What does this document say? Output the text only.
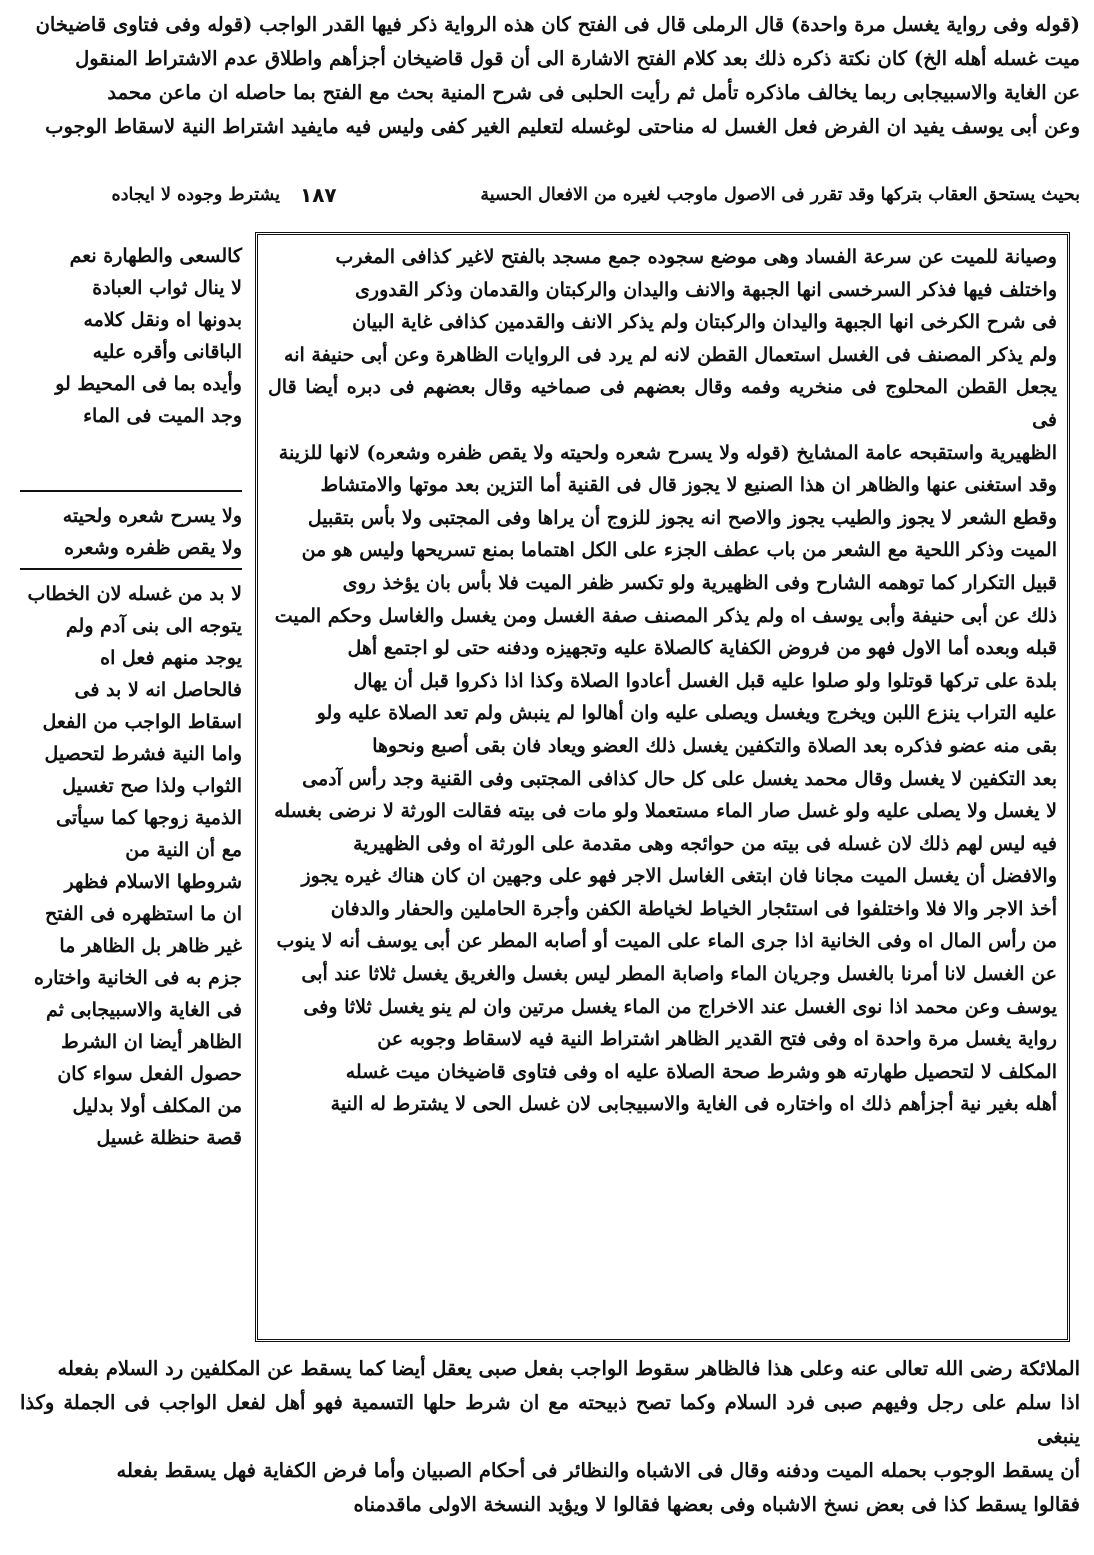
(قوله وفى رواية يغسل مرة واحدة) قال الرملى قال فى الفتح كان هذه الرواية ذكر فيها القدر الواجب (قوله وفى فتاوى قاضيخان

ميت غسله أهله الخ) كان نكتة ذكره ذلك بعد كلام الفتح الاشارة الى أن قول قاضيخان أجزأهم واطلاق عدم الاشتراط المنقول

عن الغاية والاسبيجابى ربما يخالف ماذكره تأمل ثم رأيت الحلبى فى شرح المنية بحث مع الفتح بما حاصله ان ماعن محمد

وعن أبى يوسف يفيد ان الفرض فعل الغسل له مناحتى لوغسله لتعليم الغير كفى وليس فيه مايفيد اشتراط النية لاسقاط الوجوب

بحيث يستحق العقاب بتركها وقد تقرر فى الاصول ماوجب لغيره من الافعال الحسية
١٨٧
يشترط وجوده لا ايجاده

وصيانة للميت عن سرعة الفساد وهى موضع سجوده جمع مسجد بالفتح لاغير كذافى المغرب

واختلف فيها فذكر السرخسى انها الجبهة والانف واليدان والركبتان والقدمان وذكر القدورى

فى شرح الكرخى انها الجبهة واليدان والركبتان ولم يذكر الانف والقدمين كذافى غاية البيان

ولم يذكر المصنف فى الغسل استعمال القطن لانه لم يرد فى الروايات الظاهرة وعن أبى حنيفة انه

يجعل القطن المحلوج فى منخريه وفمه وقال بعضهم فى صماخيه وقال بعضهم فى دبره أيضا قال فى

الظهيرية واستقبحه عامة المشايخ (قوله ولا يسرح شعره ولحيته ولا يقص ظفره وشعره) لانها للزينة

وقد استغنى عنها والظاهر ان هذا الصنيع لا يجوز قال فى القنية أما التزين بعد موتها والامتشاط

وقطع الشعر لا يجوز والطيب يجوز والاصح انه يجوز للزوج أن يراها وفى المجتبى ولا بأس بتقبيل

الميت وذكر اللحية مع الشعر من باب عطف الجزء على الكل اهتماما بمنع تسريحها وليس هو من

قبيل التكرار كما توهمه الشارح وفى الظهيرية ولو تكسر ظفر الميت فلا بأس بان يؤخذ روى

ذلك عن أبى حنيفة وأبى يوسف اه ولم يذكر المصنف صفة الغسل ومن يغسل والغاسل وحكم الميت

قبله وبعده أما الاول فهو من فروض الكفاية كالصلاة عليه وتجهيزه ودفنه حتى لو اجتمع أهل

بلدة على تركها قوتلوا ولو صلوا عليه قبل الغسل أعادوا الصلاة وكذا اذا ذكروا قبل أن يهال

عليه التراب ينزع اللبن ويخرج ويغسل ويصلى عليه وان أهالوا لم ينبش ولم تعد الصلاة عليه ولو

بقى منه عضو فذكره بعد الصلاة والتكفين يغسل ذلك العضو ويعاد فان بقى أصبع ونحوها

بعد التكفين لا يغسل وقال محمد يغسل على كل حال كذافى المجتبى وفى القنية وجد رأس آدمى

لا يغسل ولا يصلى عليه ولو غسل صار الماء مستعملا ولو مات فى بيته فقالت الورثة لا نرضى بغسله

فيه ليس لهم ذلك لان غسله فى بيته من حوائجه وهى مقدمة على الورثة اه وفى الظهيرية

والافضل أن يغسل الميت مجانا فان ابتغى الغاسل الاجر فهو على وجهين ان كان هناك غيره يجوز

أخذ الاجر والا فلا واختلفوا فى استئجار الخياط لخياطة الكفن وأجرة الحاملين والحفار والدفان

من رأس المال اه وفى الخانية اذا جرى الماء على الميت أو أصابه المطر عن أبى يوسف أنه لا ينوب

عن الغسل لانا أمرنا بالغسل وجريان الماء واصابة المطر ليس بغسل والغريق يغسل ثلاثا عند أبى

يوسف وعن محمد اذا نوى الغسل عند الاخراج من الماء يغسل مرتين وان لم ينو يغسل ثلاثا وفى

رواية يغسل مرة واحدة اه وفى فتح القدير الظاهر اشتراط النية فيه لاسقاط وجوبه عن

المكلف لا لتحصيل طهارته هو وشرط صحة الصلاة عليه اه وفى فتاوى قاضيخان ميت غسله

أهله بغير نية أجزأهم ذلك اه واختاره فى الغاية والاسبيجابى لان غسل الحى لا يشترط له النية

كالسعى والطهارة نعم

لا ينال ثواب العبادة

بدونها اه ونقل كلامه

الباقانى وأقره عليه

وأيده بما فى المحيط لو

وجد الميت فى الماء

ولا يسرح شعره ولحيته

ولا يقص ظفره وشعره

لا بد من غسله لان الخطاب

يتوجه الى بنى آدم ولم

يوجد منهم فعل اه

فالحاصل انه لا بد فى

اسقاط الواجب من الفعل

واما النية فشرط لتحصيل

الثواب ولذا صح تغسيل

الذمية زوجها كما سيأتى

مع أن النية من

شروطها الاسلام فظهر

ان ما استظهره فى الفتح

غير ظاهر بل الظاهر ما

جزم به فى الخانية واختاره

فى الغاية والاسبيجابى ثم

الظاهر أيضا ان الشرط

حصول الفعل سواء كان

من المكلف أولا بدليل

قصة حنظلة غسيل

الملائكة رضى الله تعالى عنه وعلى هذا فالظاهر سقوط الواجب بفعل صبى يعقل أيضا كما يسقط عن المكلفين رد السلام بفعله

اذا سلم على رجل وفيهم صبى فرد السلام وكما تصح ذبيحته مع ان شرط حلها التسمية فهو أهل لفعل الواجب فى الجملة وكذا ينبغى

أن يسقط الوجوب بحمله الميت ودفنه وقال فى الاشباه والنظائر فى أحكام الصبيان وأما فرض الكفاية فهل يسقط بفعله

فقالوا يسقط كذا فى بعض نسخ الاشباه وفى بعضها فقالوا لا ويؤيد النسخة الاولى ماقدمناه
